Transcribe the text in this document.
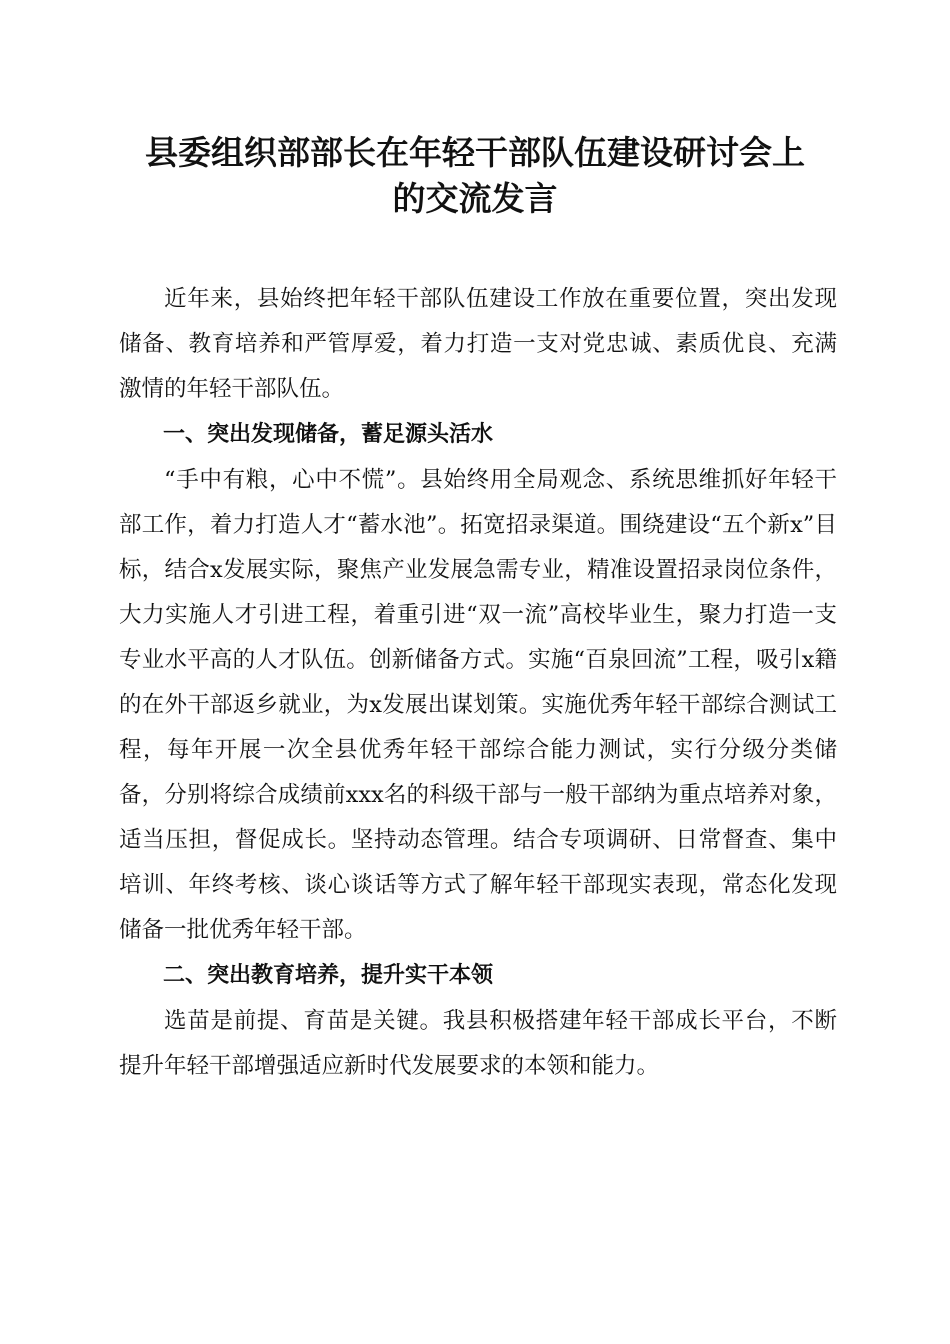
县委组织部部长在年轻干部队伍建设研讨会上
的交流发言

近年来，县始终把年轻干部队伍建设工作放在重要位置，突出发现储备、教育培养和严管厚爱，着力打造一支对党忠诚、素质优良、充满激情的年轻干部队伍。

一、突出发现储备，蓄足源头活水

“手中有粮，心中不慌”。县始终用全局观念、系统思维抓好年轻干部工作，着力打造人才“蓄水池”。拓宽招录渠道。围绕建设“五个新x”目标，结合x发展实际，聚焦产业发展急需专业，精准设置招录岗位条件，大力实施人才引进工程，着重引进“双一流”高校毕业生，聚力打造一支专业水平高的人才队伍。创新储备方式。实施“百泉回流”工程，吸引x籍的在外干部返乡就业，为x发展出谋划策。实施优秀年轻干部综合测试工程，每年开展一次全县优秀年轻干部综合能力测试，实行分级分类储备，分别将综合成绩前xxx名的科级干部与一般干部纳为重点培养对象，适当压担，督促成长。坚持动态管理。结合专项调研、日常督查、集中培训、年终考核、谈心谈话等方式了解年轻干部现实表现，常态化发现储备一批优秀年轻干部。

二、突出教育培养，提升实干本领

选苗是前提、育苗是关键。我县积极搭建年轻干部成长平台，不断提升年轻干部增强适应新时代发展要求的本领和能力。
